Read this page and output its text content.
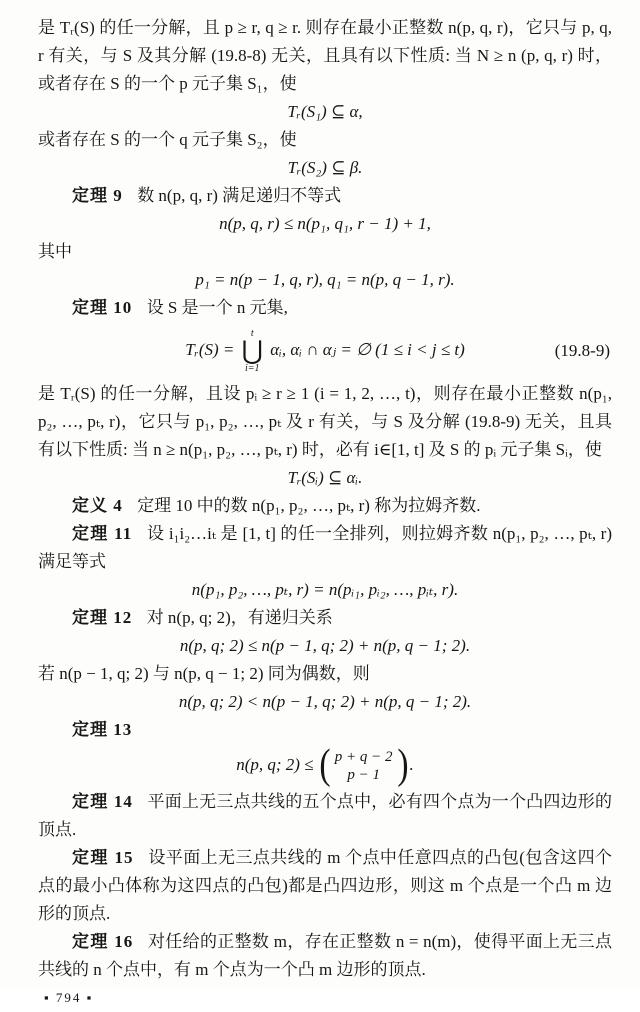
是 Tᵣ(S) 的任一分解，且 p ≥ r, q ≥ r. 则存在最小正整数 n(p, q, r)，它只与 p, q, r 有关，与 S 及其分解 (19.8-8) 无关，且具有以下性质: 当 N ≥ n (p, q, r) 时，或者存在 S 的一个 p 元子集 S₁，使

Tᵣ(S₁) ⊆ α,

或者存在 S 的一个 q 元子集 S₂，使

Tᵣ(S₂) ⊆ β.

定理 9 数 n(p, q, r) 满足递归不等式

n(p, q, r) ≤ n(p₁, q₁, r − 1) + 1,

其中

p₁ = n(p − 1, q, r), q₁ = n(p, q − 1, r).

定理 10 设 S 是一个 n 元集,

Tᵣ(S) =
t
⋃
i=1
αᵢ, αᵢ ∩ αⱼ = ∅ (1 ≤ i < j ≤ t)	(19.8-9)

是 Tᵣ(S) 的任一分解，且设 pᵢ ≥ r ≥ 1 (i = 1, 2, …, t)，则存在最小正整数 n(p₁, p₂, …, pₜ, r)，它只与 p₁, p₂, …, pₜ 及 r 有关，与 S 及分解 (19.8-9) 无关，且具有以下性质: 当 n ≥ n(p₁, p₂, …, pₜ, r) 时，必有 i∈[1, t] 及 S 的 pᵢ 元子集 Sᵢ，使

Tᵣ(Sᵢ) ⊆ αᵢ.

定义 4 定理 10 中的数 n(p₁, p₂, …, pₜ, r) 称为拉姆齐数.

定理 11 设 i₁i₂…iₜ 是 [1, t] 的任一全排列，则拉姆齐数 n(p₁, p₂, …, pₜ, r) 满足等式

n(p₁, p₂, …, pₜ, r) = n(pᵢ₁, pᵢ₂, …, pᵢₜ, r).

定理 12 对 n(p, q; 2)，有递归关系

n(p, q; 2) ≤ n(p − 1, q; 2) + n(p, q − 1; 2).

若 n(p − 1, q; 2) 与 n(p, q − 1; 2) 同为偶数，则

n(p, q; 2) < n(p − 1, q; 2) + n(p, q − 1; 2).

定理 13

n(p, q; 2) ≤ ( p + q − 2
p − 1 ) .

定理 14 平面上无三点共线的五个点中，必有四个点为一个凸四边形的顶点.

定理 15 设平面上无三点共线的 m 个点中任意四点的凸包(包含这四个点的最小凸体称为这四点的凸包)都是凸四边形，则这 m 个点是一个凸 m 边形的顶点.

定理 16 对任给的正整数 m，存在正整数 n = n(m)，使得平面上无三点共线的 n 个点中，有 m 个点为一个凸 m 边形的顶点.

▪ 794 ▪
